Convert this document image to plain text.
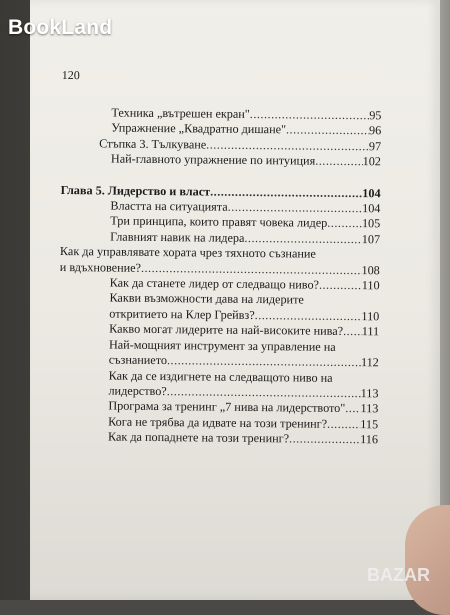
BookLand
120
Техника „вътрешен екран" .....	95
Упражнение „Квадратно дишане" .....	96
Стъпка 3. Тълкуване .....	97
Най-главното упражнение по интуиция .....	102
Глава 5. Лидерство и власт .....	104
Властта на ситуацията .....	104
Три принципа, които правят човека лидер .....	105
Главният навик на лидера .....	107
Как да управлявате хората чрез тяхното съзнание
и вдъхновение? .....	108
Как да станете лидер от следващо ниво? .....	110
Какви възможности дава на лидерите
откритието на Клер Грейвз? .....	110
Какво могат лидерите на най-високите нива? ..... 111
Най-мощният инструмент за управление на
съзнанието .....	112
Как да се издигнете на следващото ниво на
лидерство? .....	113
Програма за тренинг „7 нива на лидерството" ..... 113
Кога не трябва да идвате на този тренинг? .....	115
Как да попаднете на този тренинг? .....	116
BAZAR
